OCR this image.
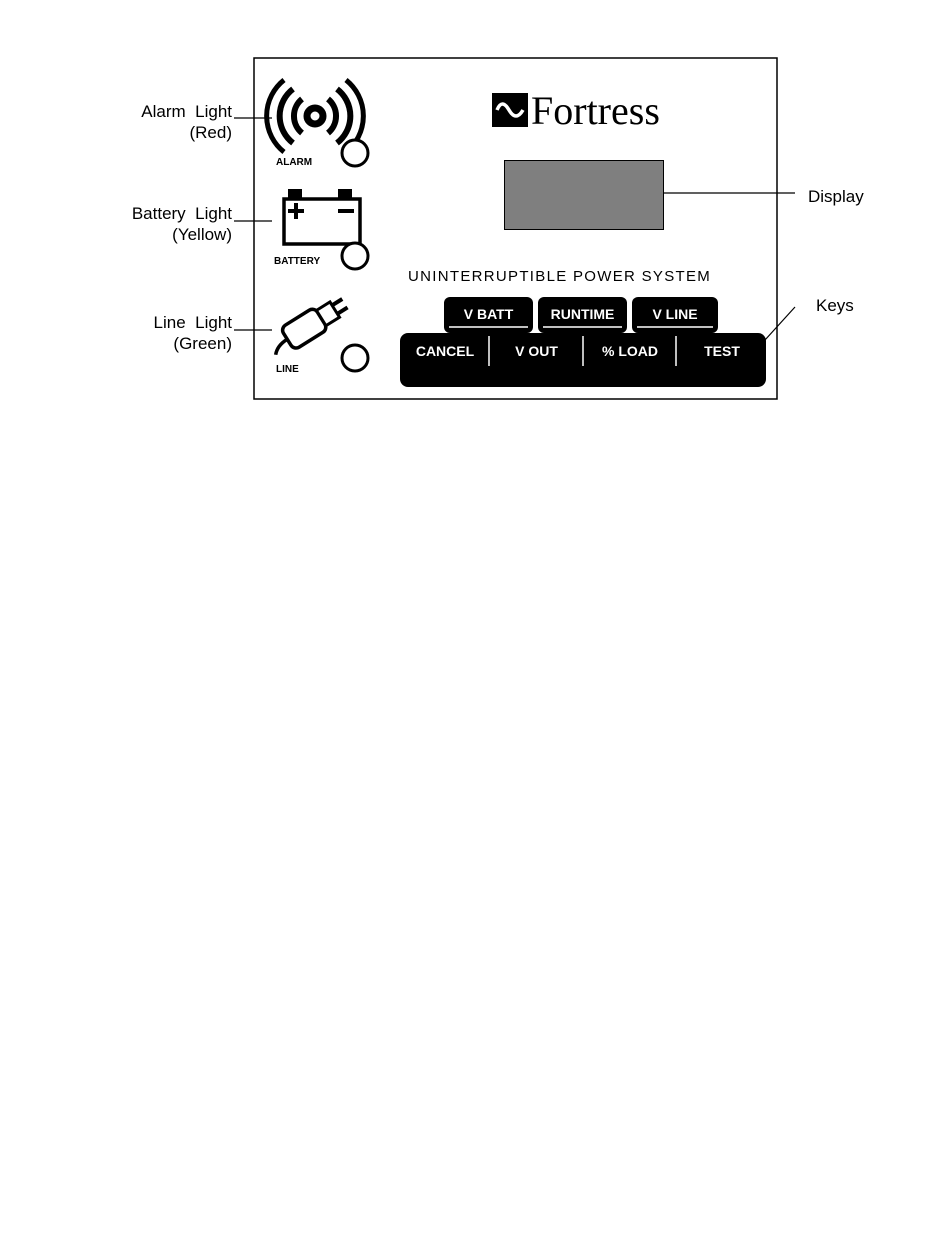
Alarm  Light
(Red)
Battery  Light
(Yellow)
Line  Light
(Green)
Display
Keys
ALARM
BATTERY
LINE
Fortress
UNINTERRUPTIBLE POWER SYSTEM
V BATT	RUNTIME	V LINE
CANCEL	V OUT	% LOAD	TEST
